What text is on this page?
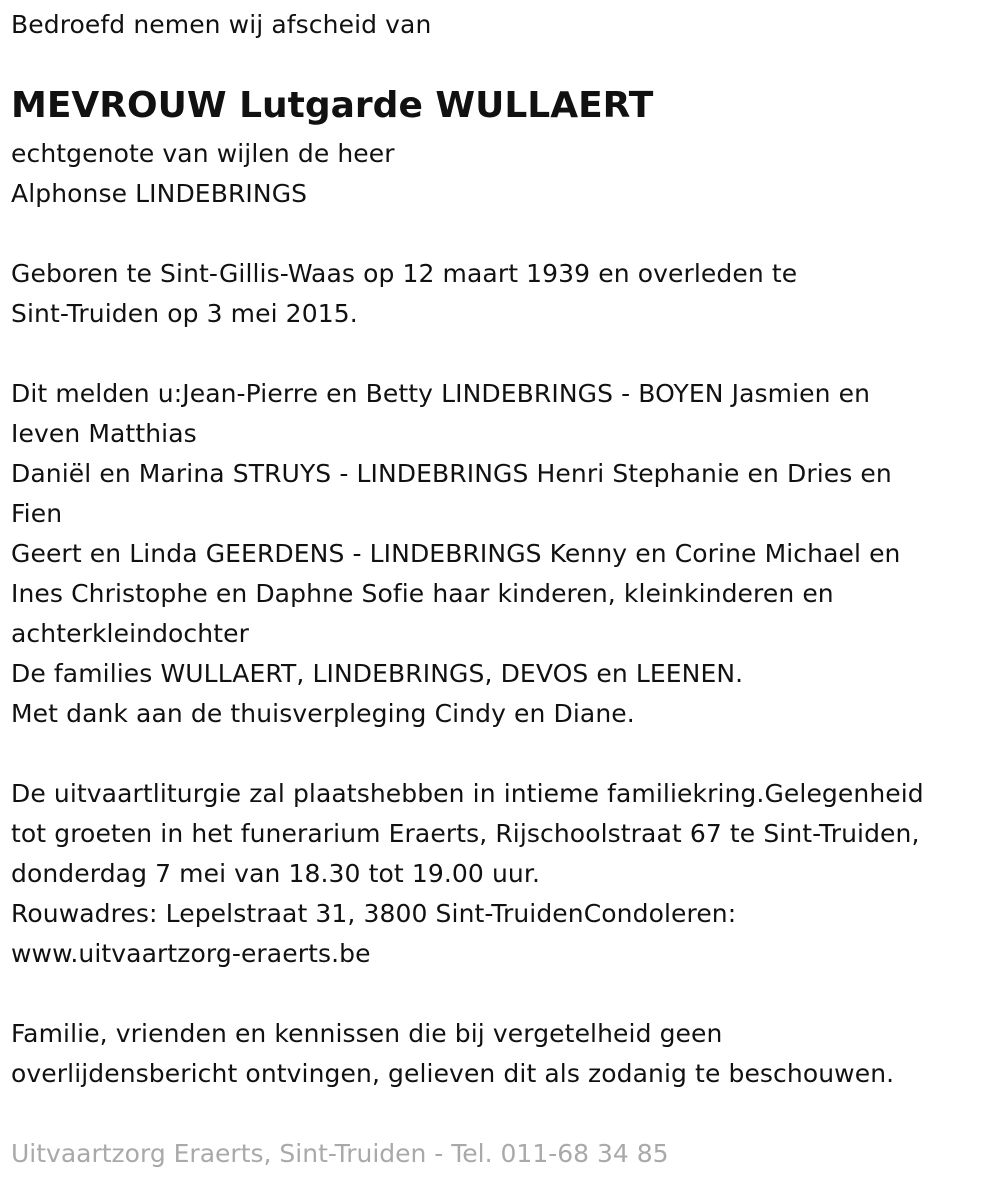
Bedroefd nemen wij afscheid van
MEVROUW Lutgarde WULLAERT
echtgenote van wijlen de heer
Alphonse LINDEBRINGS
Geboren te Sint-Gillis-Waas op 12 maart 1939 en overleden te
Sint-Truiden op 3 mei 2015.
Dit melden u:Jean-Pierre en Betty LINDEBRINGS - BOYEN Jasmien en
Ieven Matthias
Daniël en Marina STRUYS - LINDEBRINGS Henri Stephanie en Dries en
Fien
Geert en Linda GEERDENS - LINDEBRINGS Kenny en Corine Michael en
Ines Christophe en Daphne Sofie haar kinderen, kleinkinderen en
achterkleindochter
De families WULLAERT, LINDEBRINGS, DEVOS en LEENEN.
Met dank aan de thuisverpleging Cindy en Diane.
De uitvaartliturgie zal plaatshebben in intieme familiekring.Gelegenheid
tot groeten in het funerarium Eraerts, Rijschoolstraat 67 te Sint-Truiden,
donderdag 7 mei van 18.30 tot 19.00 uur.
Rouwadres: Lepelstraat 31, 3800 Sint-TruidenCondoleren:
www.uitvaartzorg-eraerts.be
Familie, vrienden en kennissen die bij vergetelheid geen
overlijdensbericht ontvingen, gelieven dit als zodanig te beschouwen.
Uitvaartzorg Eraerts, Sint-Truiden - Tel. 011-68 34 85
